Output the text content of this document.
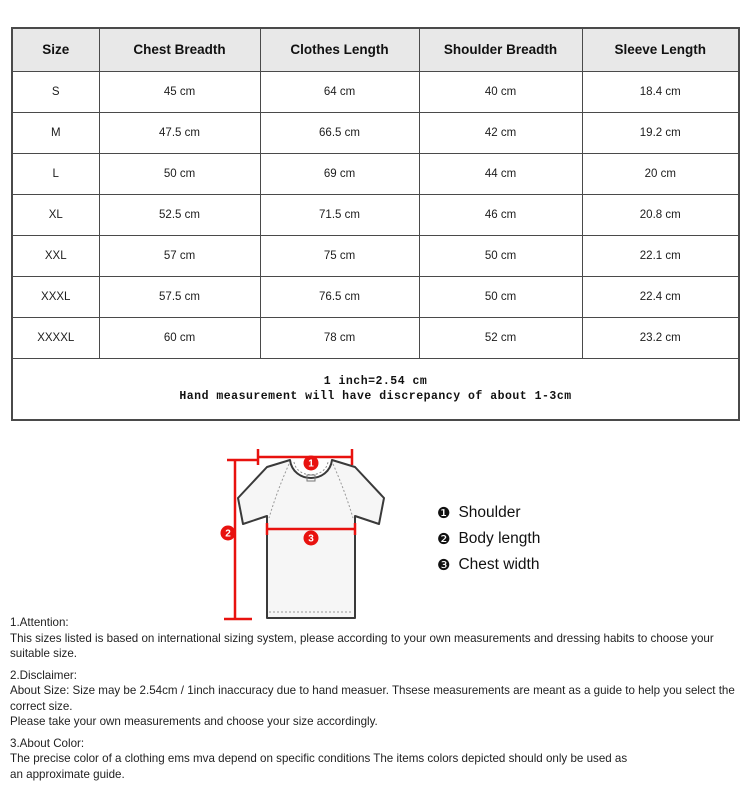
Size	Chest Breadth	Clothes Length	Shoulder Breadth	Sleeve Length
S	45 cm	64 cm	40 cm	18.4 cm
M	47.5 cm	66.5 cm	42 cm	19.2 cm
L	50 cm	69 cm	44 cm	20 cm
XL	52.5 cm	71.5 cm	46 cm	20.8 cm
XXL	57 cm	75 cm	50 cm	22.1 cm
XXXL	57.5 cm	76.5 cm	50 cm	22.4 cm
XXXXL	60 cm	78 cm	52 cm	23.2 cm

1 inch=2.54 cm
Hand measurement will have discrepancy of about 1-3cm				
1
2	3
❶ Shoulder
❷ Body length
❸ Chest width
1.Attention:
This sizes listed is based on international sizing system, please according to your own measurements and dressing habits to choose your suitable size.
2.Disclaimer:
About Size: Size may be 2.54cm / 1inch inaccuracy due to hand measuer. Thsese measurements are meant as a guide to help you select the correct size.
Please take your own measurements and choose your size accordingly.
3.About Color:
The precise color of a clothing ems mva depend on specific conditions The items colors depicted should only be used as
an approximate guide.
